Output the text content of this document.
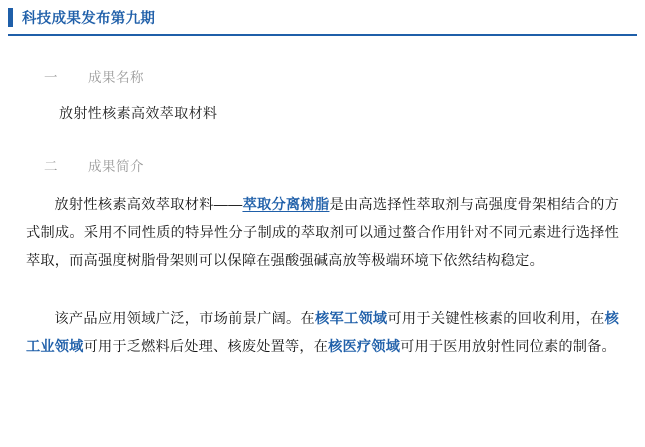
科技成果发布第九期
一	成果名称
放射性核素高效萃取材料
二	成果简介

放射性核素高效萃取材料——萃取分离树脂是由高选择性萃取剂与高强度骨架相结合的方式制成。采用不同性质的特异性分子制成的萃取剂可以通过螯合作用针对不同元素进行选择性萃取，而高强度树脂骨架则可以保障在强酸强碱高放等极端环境下依然结构稳定。

该产品应用领域广泛，市场前景广阔。在核军工领域可用于关键性核素的回收利用，在核工业领域可用于乏燃料后处理、核废处置等，在核医疗领域可用于医用放射性同位素的制备。
